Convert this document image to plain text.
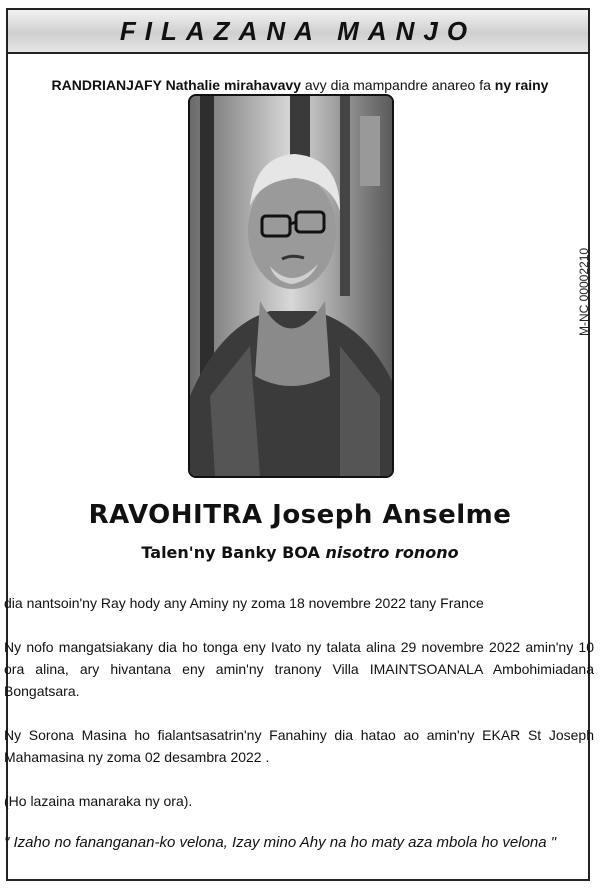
FILAZANA MANJO
RANDRIANJAFY Nathalie mirahavavy avy dia mampandre anareo fa ny rainy
M-NC 00002210
RAVOHITRA Joseph Anselme
Talen'ny Banky BOA nisotro ronono
dia nantsoin'ny Ray hody any Aminy ny zoma 18 novembre 2022 tany France
Ny nofo mangatsiakany dia ho tonga eny Ivato ny talata alina 29 novembre 2022 amin'ny 10 ora alina, ary hivantana eny amin'ny tranony Villa IMAINTSOANALA Ambohimiadana Bongatsara.
Ny Sorona Masina ho fialantsasatrin'ny Fanahiny dia hatao ao amin'ny EKAR St Joseph Mahamasina ny zoma 02 desambra 2022 .
(Ho lazaina manaraka ny ora).
" Izaho no fananganan-ko velona, Izay mino Ahy na ho maty aza mbola ho velona "
